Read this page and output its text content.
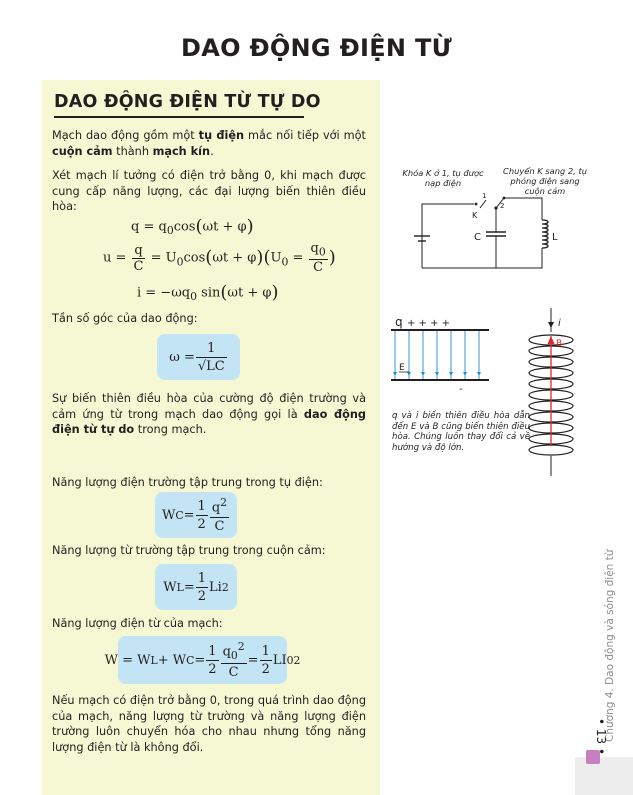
DAO ĐỘNG ĐIỆN TỪ
DAO ĐỘNG ĐIỆN TỪ TỰ DO
Mạch dao động gồm một tụ điện mắc nối tiếp với một cuộn cảm thành mạch kín.
Xét mạch lí tưởng có điện trở bằng 0, khi mạch được cung cấp năng lượng, các đại lượng biến thiên điều hòa:
$q = q_0\cos(\omega t + \varphi)$
$u = \frac{q}{C} = U_0\cos(\omega t + \varphi)(U_0 = \frac{q_0}{C}$ )
$i = -\omega q_0$ sin(ωt + φ)
Tần số góc của dao động:
$\omega = \frac{1}{√LC}$
Sự biến thiên điều hòa của cường độ điện trường và cảm ứng từ trong mạch dao động gọi là dao động điện từ tự do trong mạch.
Năng lượng điện trường tập trung trong tụ điện:
W $C = \frac{1}{2} \frac{q^2}{C}$
Năng lượng từ trường tập trung trong cuộn cảm:
W $L = \frac{1}{2}$ Li 2
Năng lượng điện từ của mạch:
W = W L + W $C = \frac{1}{2} \frac{q_0^2}{C} = \frac{1}{2}$ LI 0 2
Nếu mạch có điện trở bằng 0, trong quá trình dao động của mạch, năng lượng từ trường và năng lượng điện trường luôn chuyển hóa cho nhau nhưng tổng năng lượng điện từ là không đổi.
Khóa K ở 1, tụ được nạp điện
Chuyển K sang 2, tụ phóng điện sang cuộn cảm
K
1
2
C	L
q + + + +
E
-
i
B
q và i biến thiên điều hòa dẫn đến E và B cũng biến thiên điều hòa. Chúng luôn thay đổi cả về hướng và độ lớn.
Chương 4. Dao động và sóng điện từ
• 13 •
